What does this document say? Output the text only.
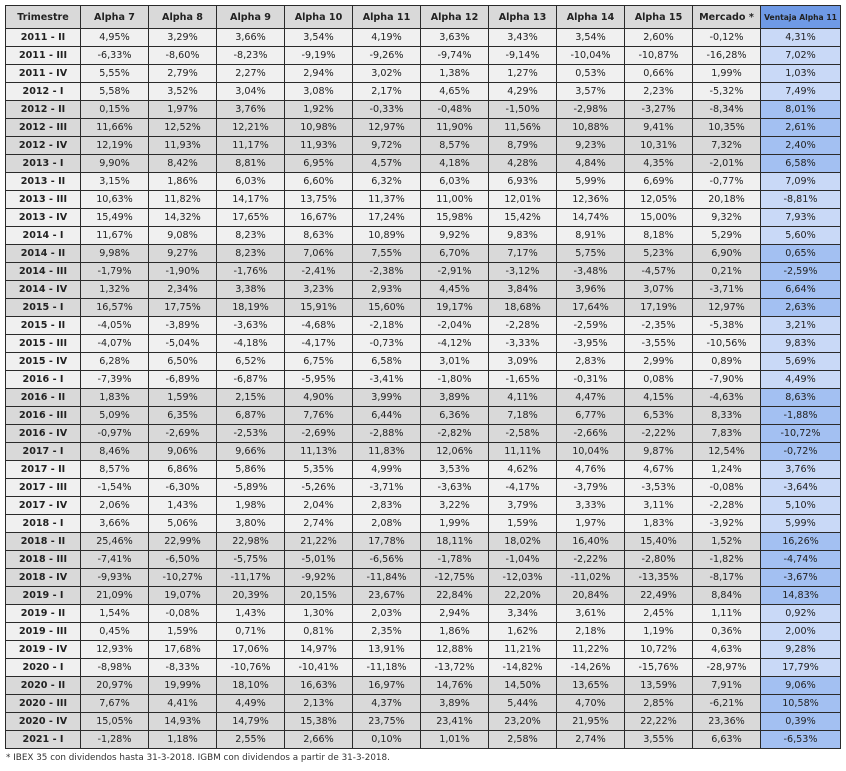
Trimestre	Alpha 7	Alpha 8	Alpha 9	Alpha 10	Alpha 11	Alpha 12	Alpha 13	Alpha 14	Alpha 15	Mercado *	Ventaja Alpha 11
2011 - II	4,95%	3,29%	3,66%	3,54%	4,19%	3,63%	3,43%	3,54%	2,60%	-0,12%	4,31%
2011 - III	-6,33%	-8,60%	-8,23%	-9,19%	-9,26%	-9,74%	-9,14%	-10,04%	-10,87%	-16,28%	7,02%
2011 - IV	5,55%	2,79%	2,27%	2,94%	3,02%	1,38%	1,27%	0,53%	0,66%	1,99%	1,03%
2012 - I	5,58%	3,52%	3,04%	3,08%	2,17%	4,65%	4,29%	3,57%	2,23%	-5,32%	7,49%
2012 - II	0,15%	1,97%	3,76%	1,92%	-0,33%	-0,48%	-1,50%	-2,98%	-3,27%	-8,34%	8,01%
2012 - III	11,66%	12,52%	12,21%	10,98%	12,97%	11,90%	11,56%	10,88%	9,41%	10,35%	2,61%
2012 - IV	12,19%	11,93%	11,17%	11,93%	9,72%	8,57%	8,79%	9,23%	10,31%	7,32%	2,40%
2013 - I	9,90%	8,42%	8,81%	6,95%	4,57%	4,18%	4,28%	4,84%	4,35%	-2,01%	6,58%
2013 - II	3,15%	1,86%	6,03%	6,60%	6,32%	6,03%	6,93%	5,99%	6,69%	-0,77%	7,09%
2013 - III	10,63%	11,82%	14,17%	13,75%	11,37%	11,00%	12,01%	12,36%	12,05%	20,18%	-8,81%
2013 - IV	15,49%	14,32%	17,65%	16,67%	17,24%	15,98%	15,42%	14,74%	15,00%	9,32%	7,93%
2014 - I	11,67%	9,08%	8,23%	8,63%	10,89%	9,92%	9,83%	8,91%	8,18%	5,29%	5,60%
2014 - II	9,98%	9,27%	8,23%	7,06%	7,55%	6,70%	7,17%	5,75%	5,23%	6,90%	0,65%
2014 - III	-1,79%	-1,90%	-1,76%	-2,41%	-2,38%	-2,91%	-3,12%	-3,48%	-4,57%	0,21%	-2,59%
2014 - IV	1,32%	2,34%	3,38%	3,23%	2,93%	4,45%	3,84%	3,96%	3,07%	-3,71%	6,64%
2015 - I	16,57%	17,75%	18,19%	15,91%	15,60%	19,17%	18,68%	17,64%	17,19%	12,97%	2,63%
2015 - II	-4,05%	-3,89%	-3,63%	-4,68%	-2,18%	-2,04%	-2,28%	-2,59%	-2,35%	-5,38%	3,21%
2015 - III	-4,07%	-5,04%	-4,18%	-4,17%	-0,73%	-4,12%	-3,33%	-3,95%	-3,55%	-10,56%	9,83%
2015 - IV	6,28%	6,50%	6,52%	6,75%	6,58%	3,01%	3,09%	2,83%	2,99%	0,89%	5,69%
2016 - I	-7,39%	-6,89%	-6,87%	-5,95%	-3,41%	-1,80%	-1,65%	-0,31%	0,08%	-7,90%	4,49%
2016 - II	1,83%	1,59%	2,15%	4,90%	3,99%	3,89%	4,11%	4,47%	4,15%	-4,63%	8,63%
2016 - III	5,09%	6,35%	6,87%	7,76%	6,44%	6,36%	7,18%	6,77%	6,53%	8,33%	-1,88%
2016 - IV	-0,97%	-2,69%	-2,53%	-2,69%	-2,88%	-2,82%	-2,58%	-2,66%	-2,22%	7,83%	-10,72%
2017 - I	8,46%	9,06%	9,66%	11,13%	11,83%	12,06%	11,11%	10,04%	9,87%	12,54%	-0,72%
2017 - II	8,57%	6,86%	5,86%	5,35%	4,99%	3,53%	4,62%	4,76%	4,67%	1,24%	3,76%
2017 - III	-1,54%	-6,30%	-5,89%	-5,26%	-3,71%	-3,63%	-4,17%	-3,79%	-3,53%	-0,08%	-3,64%
2017 - IV	2,06%	1,43%	1,98%	2,04%	2,83%	3,22%	3,79%	3,33%	3,11%	-2,28%	5,10%
2018 - I	3,66%	5,06%	3,80%	2,74%	2,08%	1,99%	1,59%	1,97%	1,83%	-3,92%	5,99%
2018 - II	25,46%	22,99%	22,98%	21,22%	17,78%	18,11%	18,02%	16,40%	15,40%	1,52%	16,26%
2018 - III	-7,41%	-6,50%	-5,75%	-5,01%	-6,56%	-1,78%	-1,04%	-2,22%	-2,80%	-1,82%	-4,74%
2018 - IV	-9,93%	-10,27%	-11,17%	-9,92%	-11,84%	-12,75%	-12,03%	-11,02%	-13,35%	-8,17%	-3,67%
2019 - I	21,09%	19,07%	20,39%	20,15%	23,67%	22,84%	22,20%	20,84%	22,49%	8,84%	14,83%
2019 - II	1,54%	-0,08%	1,43%	1,30%	2,03%	2,94%	3,34%	3,61%	2,45%	1,11%	0,92%
2019 - III	0,45%	1,59%	0,71%	0,81%	2,35%	1,86%	1,62%	2,18%	1,19%	0,36%	2,00%
2019 - IV	12,93%	17,68%	17,06%	14,97%	13,91%	12,88%	11,21%	11,22%	10,72%	4,63%	9,28%
2020 - I	-8,98%	-8,33%	-10,76%	-10,41%	-11,18%	-13,72%	-14,82%	-14,26%	-15,76%	-28,97%	17,79%
2020 - II	20,97%	19,99%	18,10%	16,63%	16,97%	14,76%	14,50%	13,65%	13,59%	7,91%	9,06%
2020 - III	7,67%	4,41%	4,49%	2,13%	4,37%	3,89%	5,44%	4,70%	2,85%	-6,21%	10,58%
2020 - IV	15,05%	14,93%	14,79%	15,38%	23,75%	23,41%	23,20%	21,95%	22,22%	23,36%	0,39%
2021 - I	-1,28%	1,18%	2,55%	2,66%	0,10%	1,01%	2,58%	2,74%	3,55%	6,63%	-6,53%
* IBEX 35 con dividendos hasta 31-3-2018. IGBM con dividendos a partir de 31-3-2018.
